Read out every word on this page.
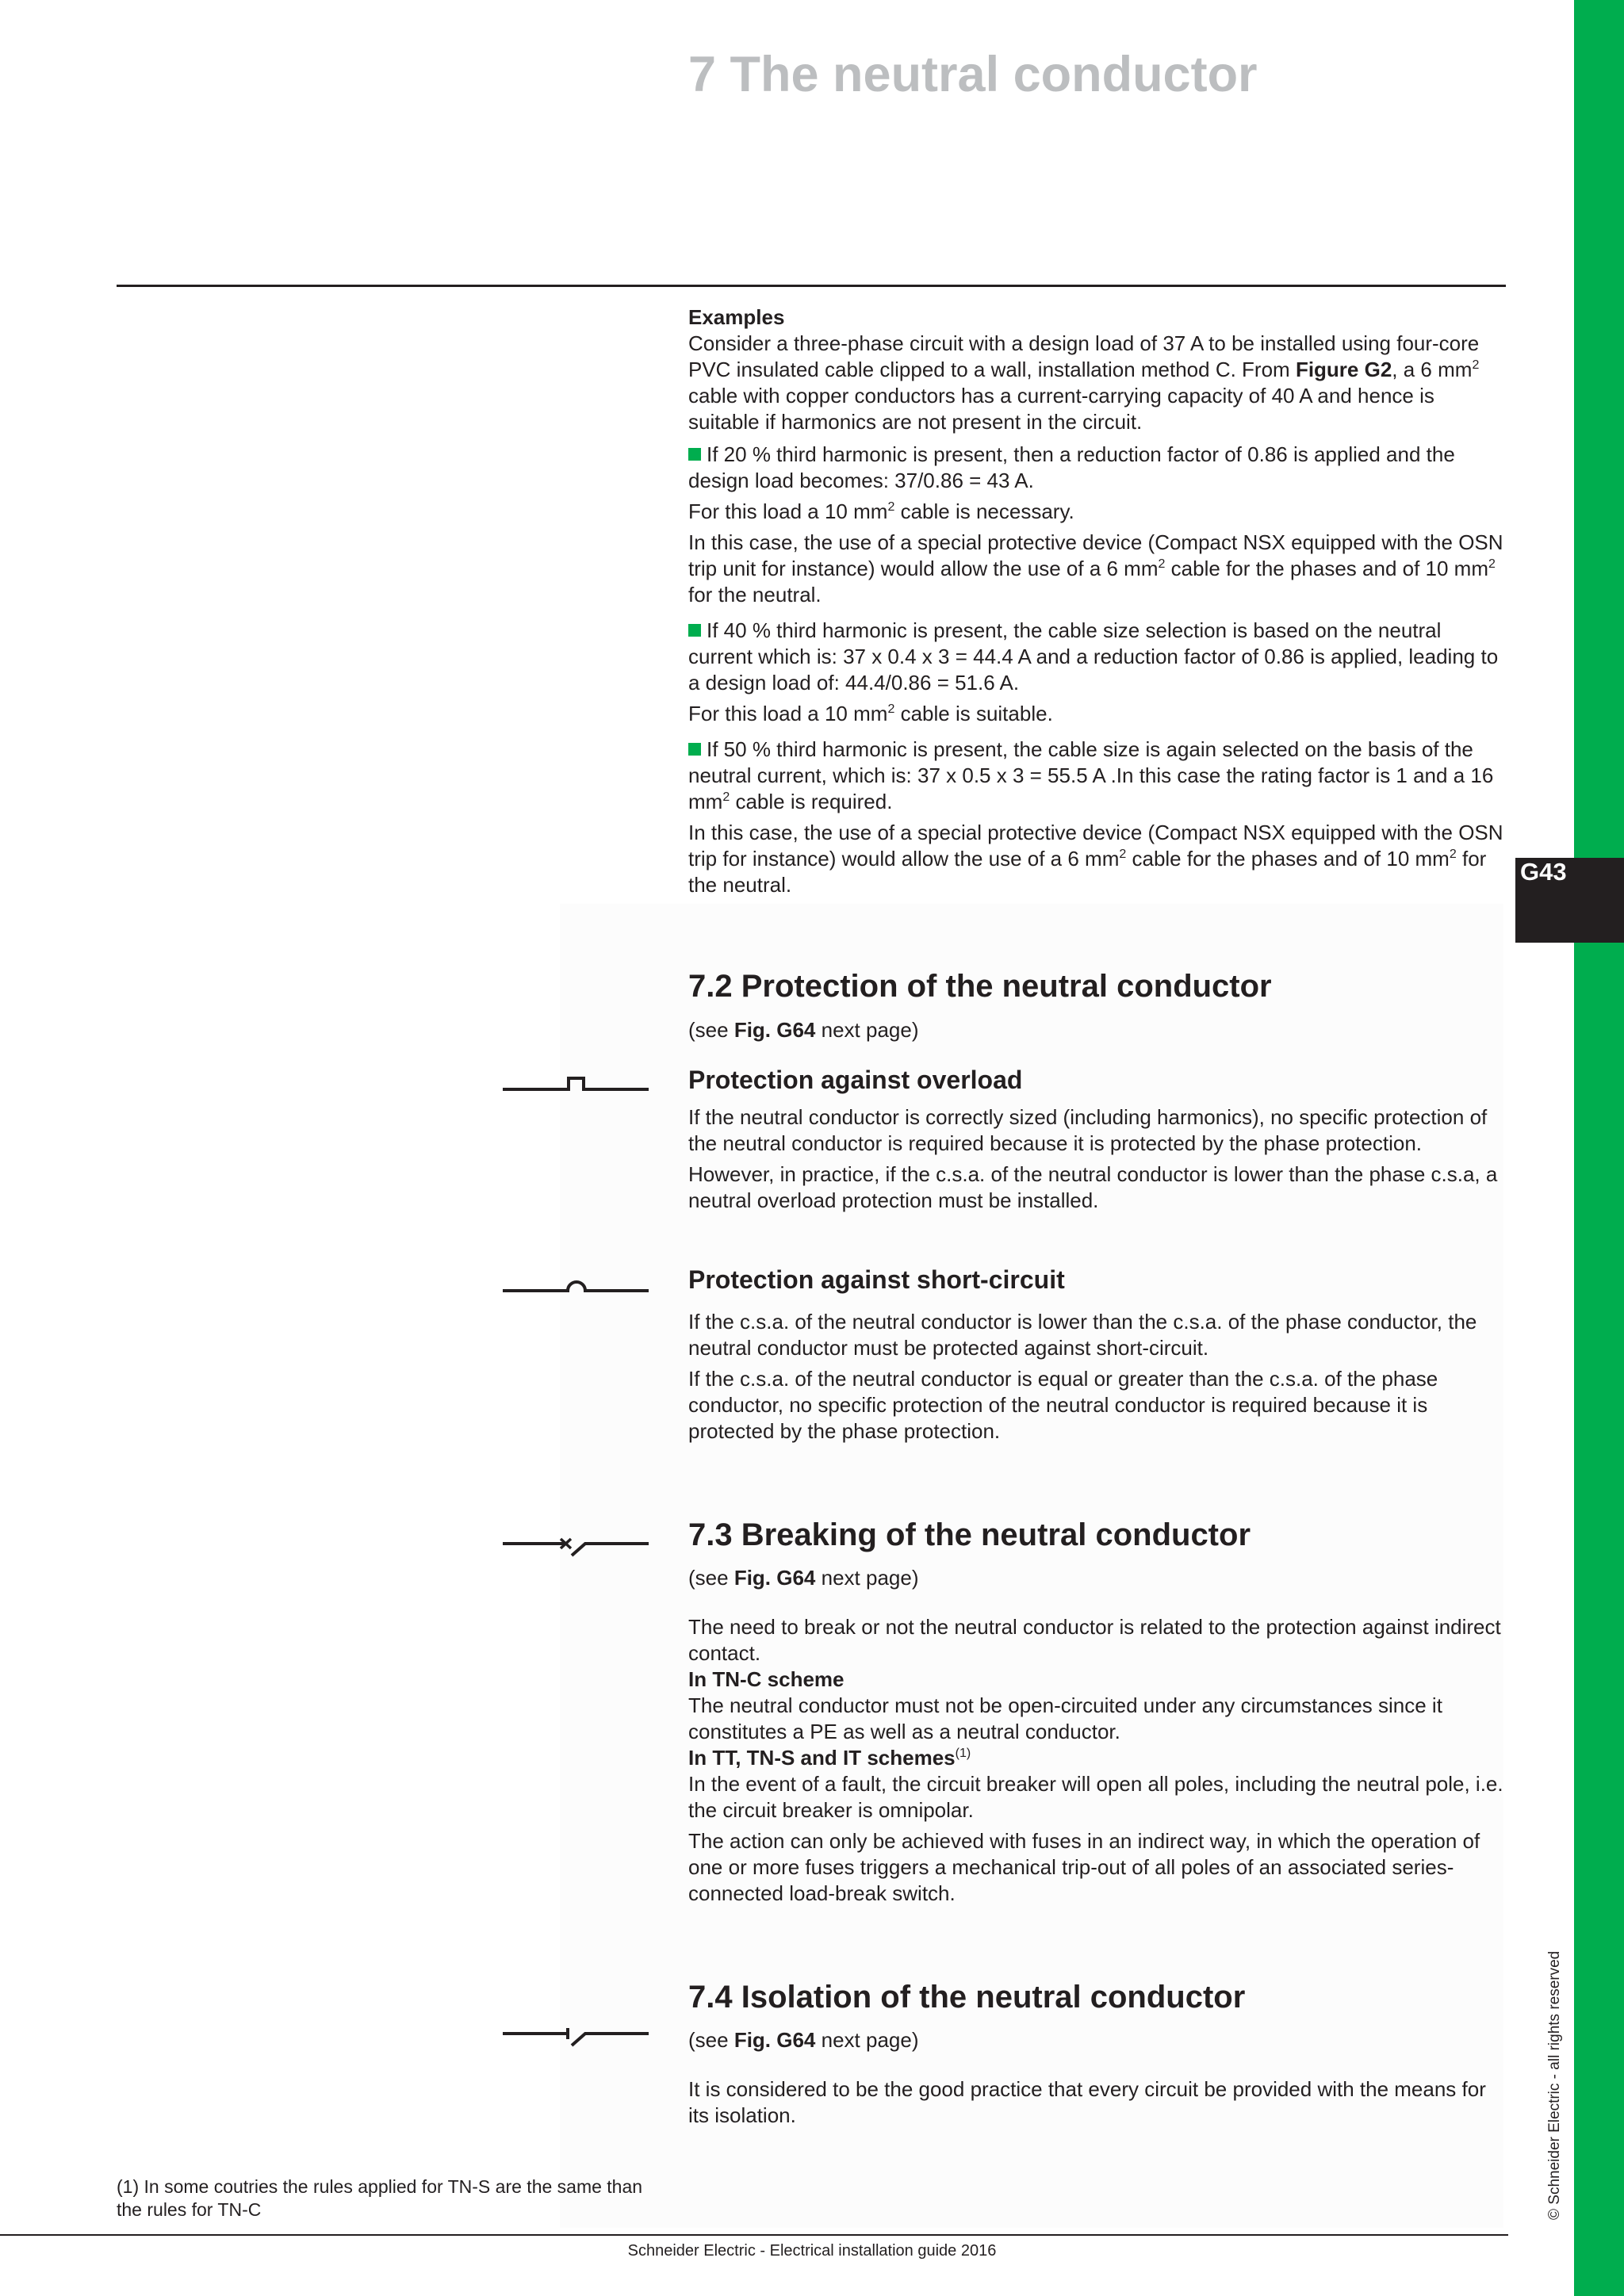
G43
© Schneider Electric - all rights reserved
7 The neutral conductor

Examples

Consider a three-phase circuit with a design load of 37 A to be installed using four-core PVC insulated cable clipped to a wall, installation method C. From Figure G2, a 6 $mm^2$ cable with copper conductors has a current-carrying capacity of 40 A and hence is suitable if harmonics are not present in the circuit.

If 20 % third harmonic is present, then a reduction factor of 0.86 is applied and the design load becomes: 37/0.86 = 43 A.

For this load a 10 $mm^2$ cable is necessary.

In this case, the use of a special protective device (Compact NSX equipped with the OSN trip unit for instance) would allow the use of a 6 $mm^2$ cable for the phases and of 10 $mm^2$ for the neutral.

If 40 % third harmonic is present, the cable size selection is based on the neutral current which is: 37 x 0.4 x 3 = 44.4 A and a reduction factor of 0.86 is applied, leading to a design load of: 44.4/0.86 = 51.6 A.

For this load a 10 $mm^2$ cable is suitable.

If 50 % third harmonic is present, the cable size is again selected on the basis of the neutral current, which is: 37 x 0.5 x 3 = 55.5 A .In this case the rating factor is 1 and a 16 $mm^2$ cable is required.

In this case, the use of a special protective device (Compact NSX equipped with the OSN trip for instance) would allow the use of a 6 $mm^2$ cable for the phases and of 10 $mm^2$ for the neutral.

7.2 Protection of the neutral conductor
(see Fig. G64 next page)
Protection against overload

If the neutral conductor is correctly sized (including harmonics), no specific protection of the neutral conductor is required because it is protected by the phase protection.

However, in practice, if the c.s.a. of the neutral conductor is lower than the phase c.s.a, a neutral overload protection must be installed.

Protection against short-circuit

If the c.s.a. of the neutral conductor is lower than the c.s.a. of the phase conductor, the neutral conductor must be protected against short-circuit.

If the c.s.a. of the neutral conductor is equal or greater than the c.s.a. of the phase conductor, no specific protection of the neutral conductor is required because it is protected by the phase protection.

7.3 Breaking of the neutral conductor
(see Fig. G64 next page)

The need to break or not the neutral conductor is related to the protection against indirect contact.

In TN-C scheme

The neutral conductor must not be open-circuited under any circumstances since it constitutes a PE as well as a neutral conductor.

In TT, TN-S and IT schemes$^{(1)}$

In the event of a fault, the circuit breaker will open all poles, including the neutral pole, i.e. the circuit breaker is omnipolar.

The action can only be achieved with fuses in an indirect way, in which the operation of one or more fuses triggers a mechanical trip-out of all poles of an associated series-connected load-break switch.

7.4 Isolation of the neutral conductor
(see Fig. G64 next page)

It is considered to be the good practice that every circuit be provided with the means for its isolation.

(1) In some coutries the rules applied for TN-S are the same than the rules for TN-C
Schneider Electric - Electrical installation guide 2016
